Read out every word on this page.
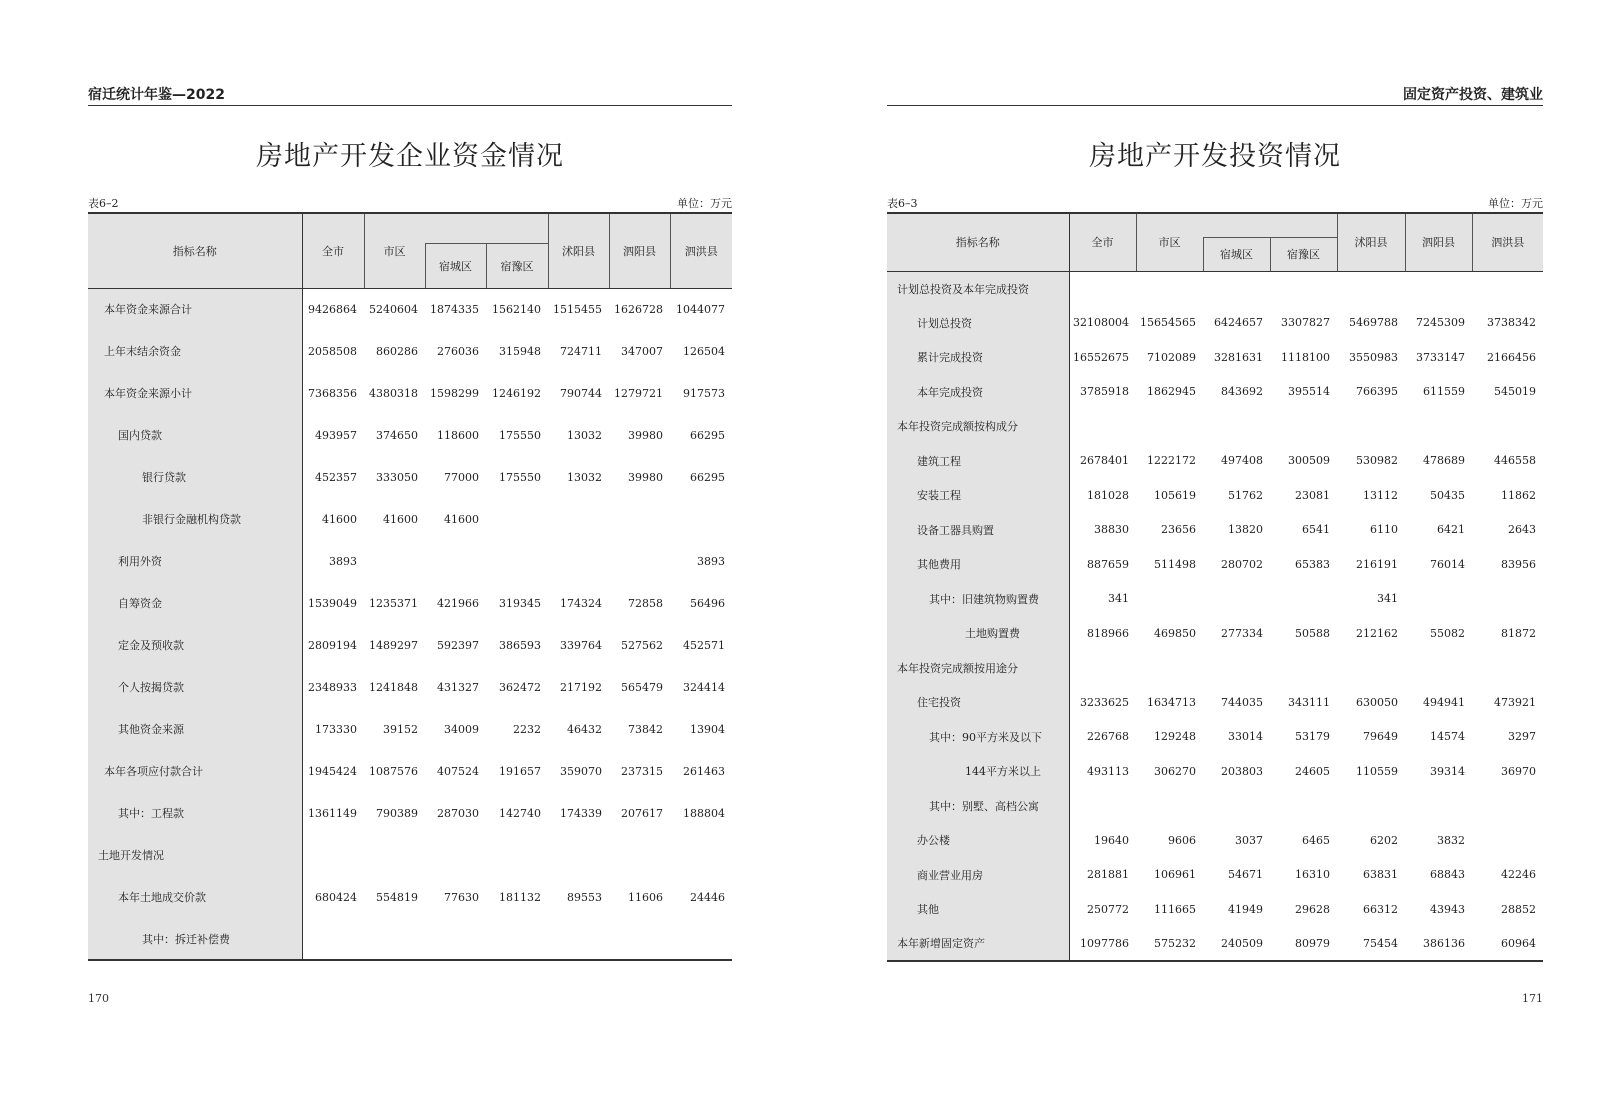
宿迁统计年鉴—2022
房地产开发企业资金情况
表6–2	单位：万元
指标名称	全市	市区			沭阳县	泗阳县	泗洪县
			宿城区	宿豫区			
本年资金来源合计	9426864	5240604	1874335	1562140	1515455	1626728	1044077
上年末结余资金	2058508	860286	276036	315948	724711	347007	126504
本年资金来源小计	7368356	4380318	1598299	1246192	790744	1279721	917573
国内贷款	493957	374650	118600	175550	13032	39980	66295
银行贷款	452357	333050	77000	175550	13032	39980	66295
非银行金融机构贷款	41600	41600	41600				
利用外资	3893						3893
自筹资金	1539049	1235371	421966	319345	174324	72858	56496
定金及预收款	2809194	1489297	592397	386593	339764	527562	452571
个人按揭贷款	2348933	1241848	431327	362472	217192	565479	324414
其他资金来源	173330	39152	34009	2232	46432	73842	13904
本年各项应付款合计	1945424	1087576	407524	191657	359070	237315	261463
其中：工程款	1361149	790389	287030	142740	174339	207617	188804
土地开发情况							
本年土地成交价款	680424	554819	77630	181132	89553	11606	24446
其中：拆迁补偿费							
170
固定资产投资、建筑业
房地产开发投资情况
表6–3	单位：万元
指标名称	全市	市区			沭阳县	泗阳县	泗洪县
			宿城区	宿豫区			
计划总投资及本年完成投资							
计划总投资	32108004	15654565	6424657	3307827	5469788	7245309	3738342
累计完成投资	16552675	7102089	3281631	1118100	3550983	3733147	2166456
本年完成投资	3785918	1862945	843692	395514	766395	611559	545019
本年投资完成额按构成分							
建筑工程	2678401	1222172	497408	300509	530982	478689	446558
安装工程	181028	105619	51762	23081	13112	50435	11862
设备工器具购置	38830	23656	13820	6541	6110	6421	2643
其他费用	887659	511498	280702	65383	216191	76014	83956
其中：旧建筑物购置费	341				341		
土地购置费	818966	469850	277334	50588	212162	55082	81872
本年投资完成额按用途分							
住宅投资	3233625	1634713	744035	343111	630050	494941	473921
其中：90平方米及以下	226768	129248	33014	53179	79649	14574	3297
144平方米以上	493113	306270	203803	24605	110559	39314	36970
其中：别墅、高档公寓							
办公楼	19640	9606	3037	6465	6202	3832	
商业营业用房	281881	106961	54671	16310	63831	68843	42246
其他	250772	111665	41949	29628	66312	43943	28852
本年新增固定资产	1097786	575232	240509	80979	75454	386136	60964
171
